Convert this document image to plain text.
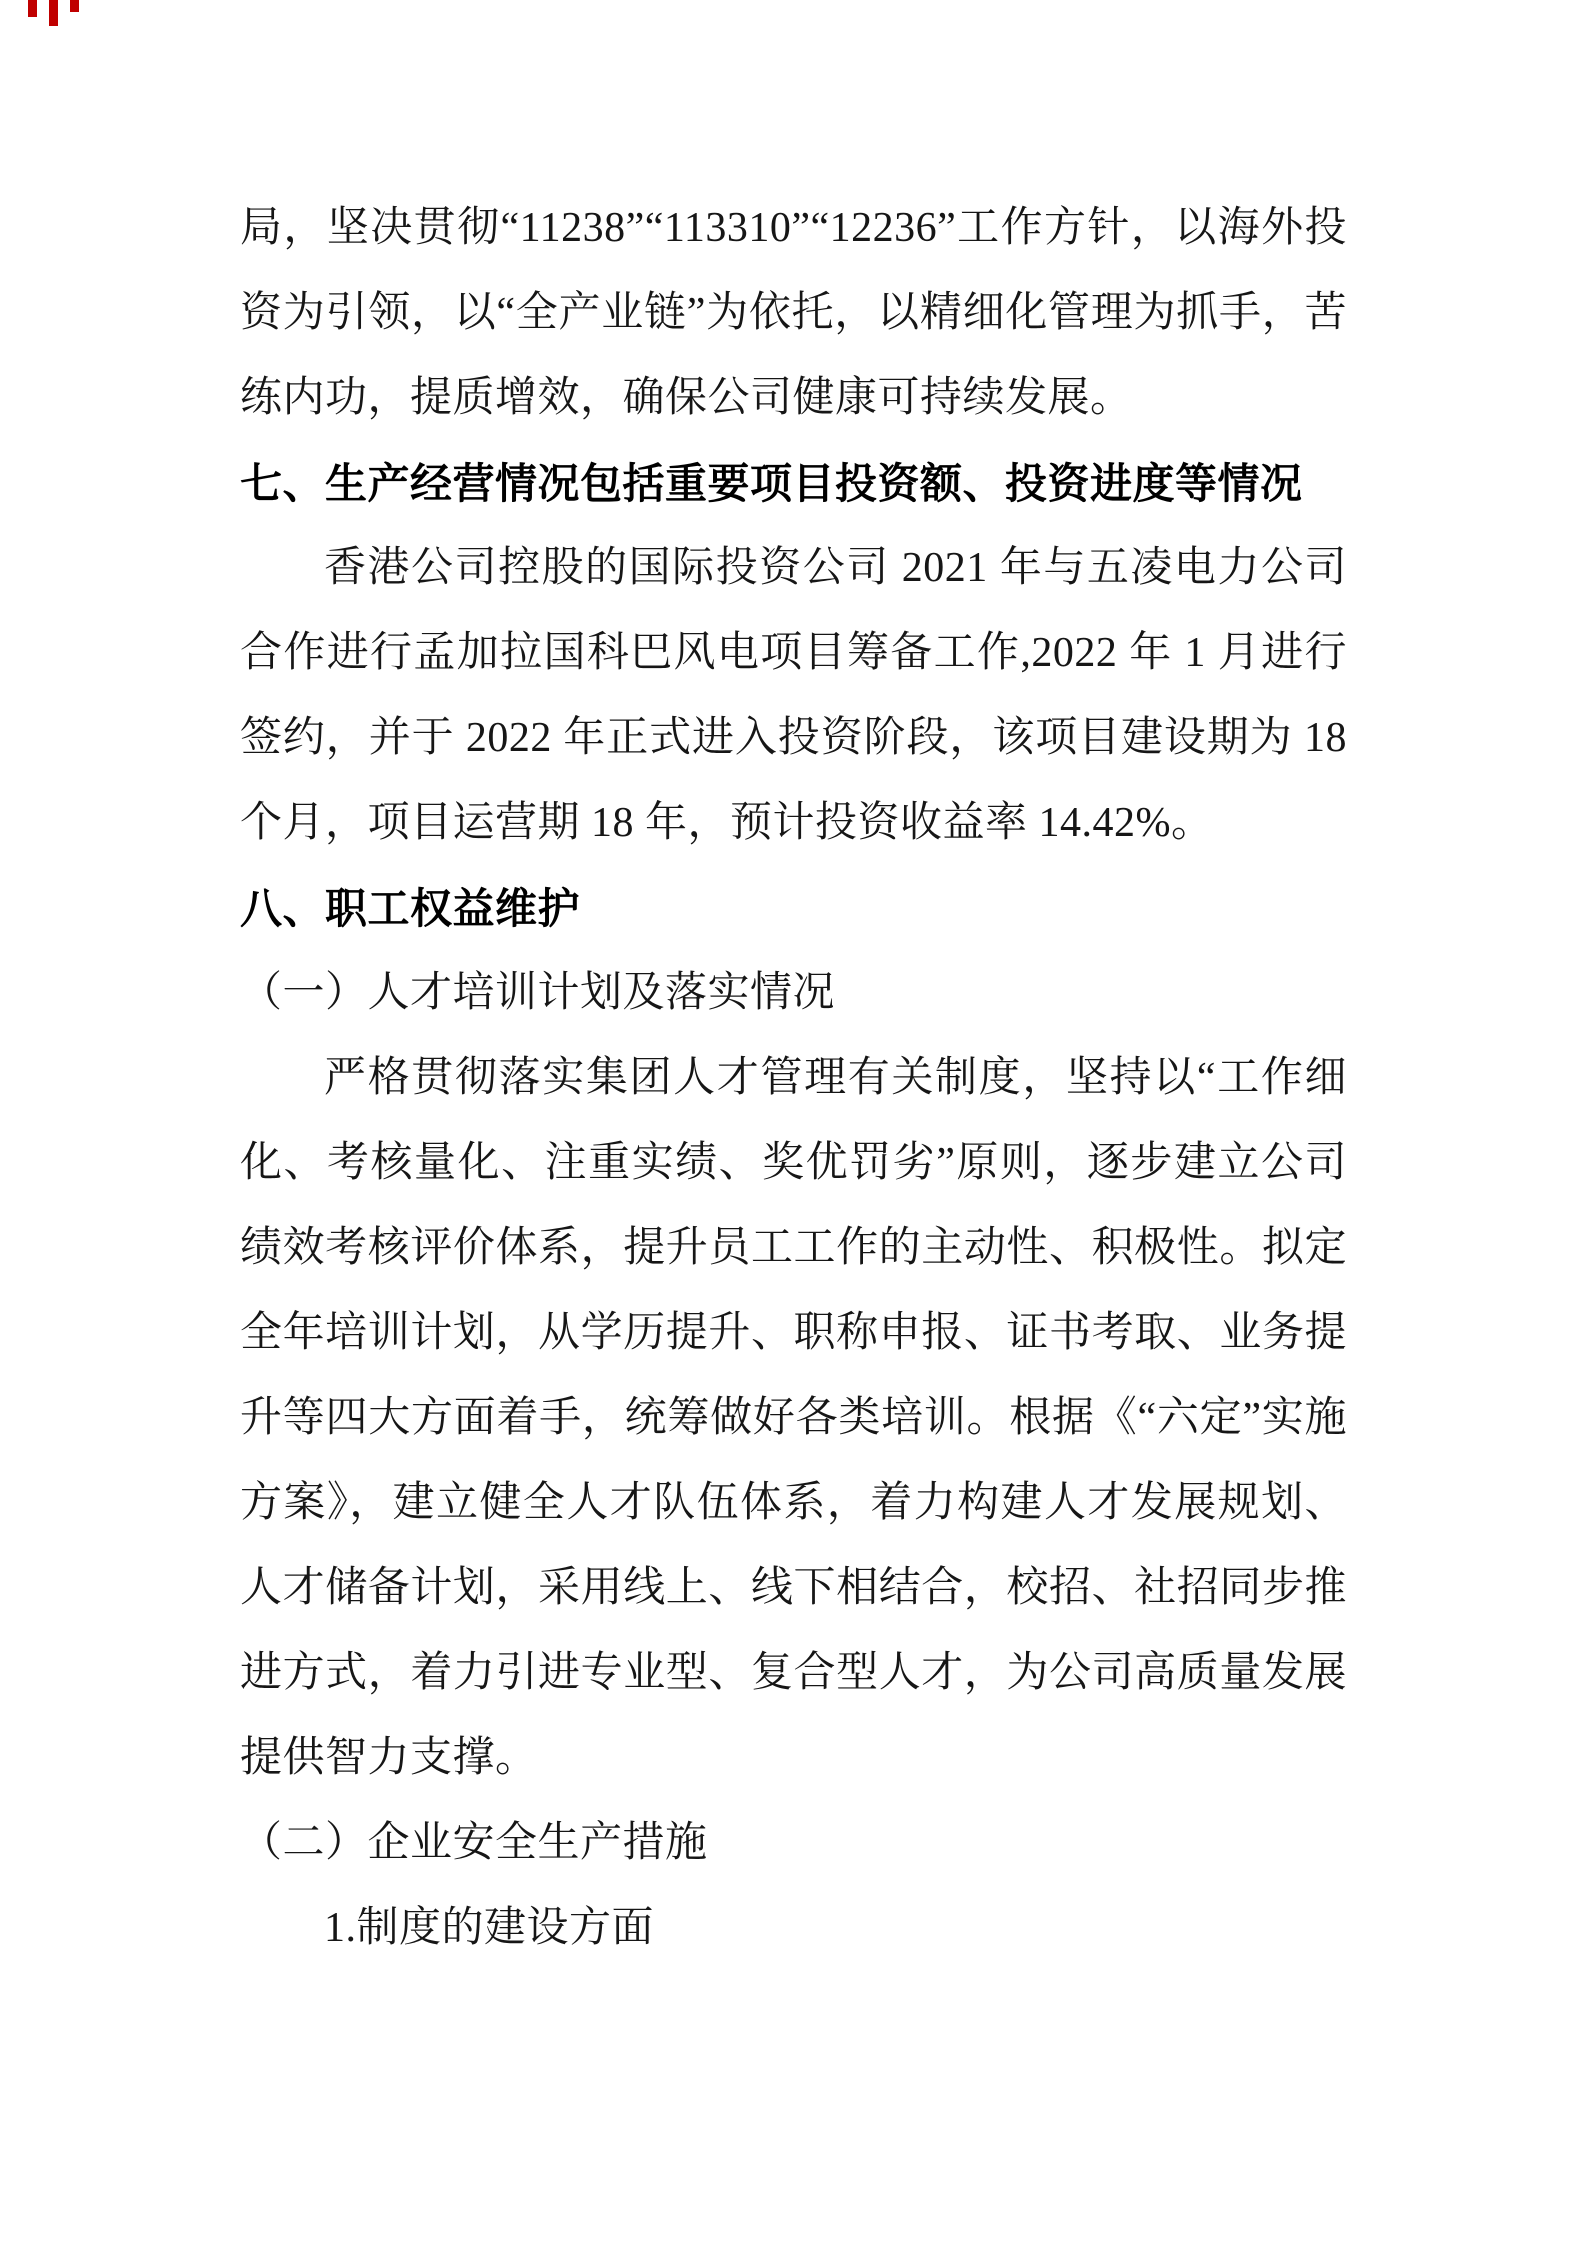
局，坚决贯彻“11238”“113310”“12236”工作方针，以海外投资为引领，以“全产业链”为依托，以精细化管理为抓手，苦练内功，提质增效，确保公司健康可持续发展。

七、生产经营情况包括重要项目投资额、投资进度等情况

香港公司控股的国际投资公司 2021 年与五凌电力公司合作进行孟加拉国科巴风电项目筹备工作,2022 年 1 月进行签约，并于 2022 年正式进入投资阶段，该项目建设期为 18 个月，项目运营期 18 年，预计投资收益率 14.42%。

八、职工权益维护

（一）人才培训计划及落实情况

严格贯彻落实集团人才管理有关制度，坚持以“工作细化、考核量化、注重实绩、奖优罚劣”原则，逐步建立公司绩效考核评价体系，提升员工工作的主动性、积极性。拟定全年培训计划，从学历提升、职称申报、证书考取、业务提升等四大方面着手，统筹做好各类培训。根据《“六定”实施方案》，建立健全人才队伍体系，着力构建人才发展规划、人才储备计划，采用线上、线下相结合，校招、社招同步推进方式，着力引进专业型、复合型人才，为公司高质量发展提供智力支撑。

（二）企业安全生产措施

1.制度的建设方面
